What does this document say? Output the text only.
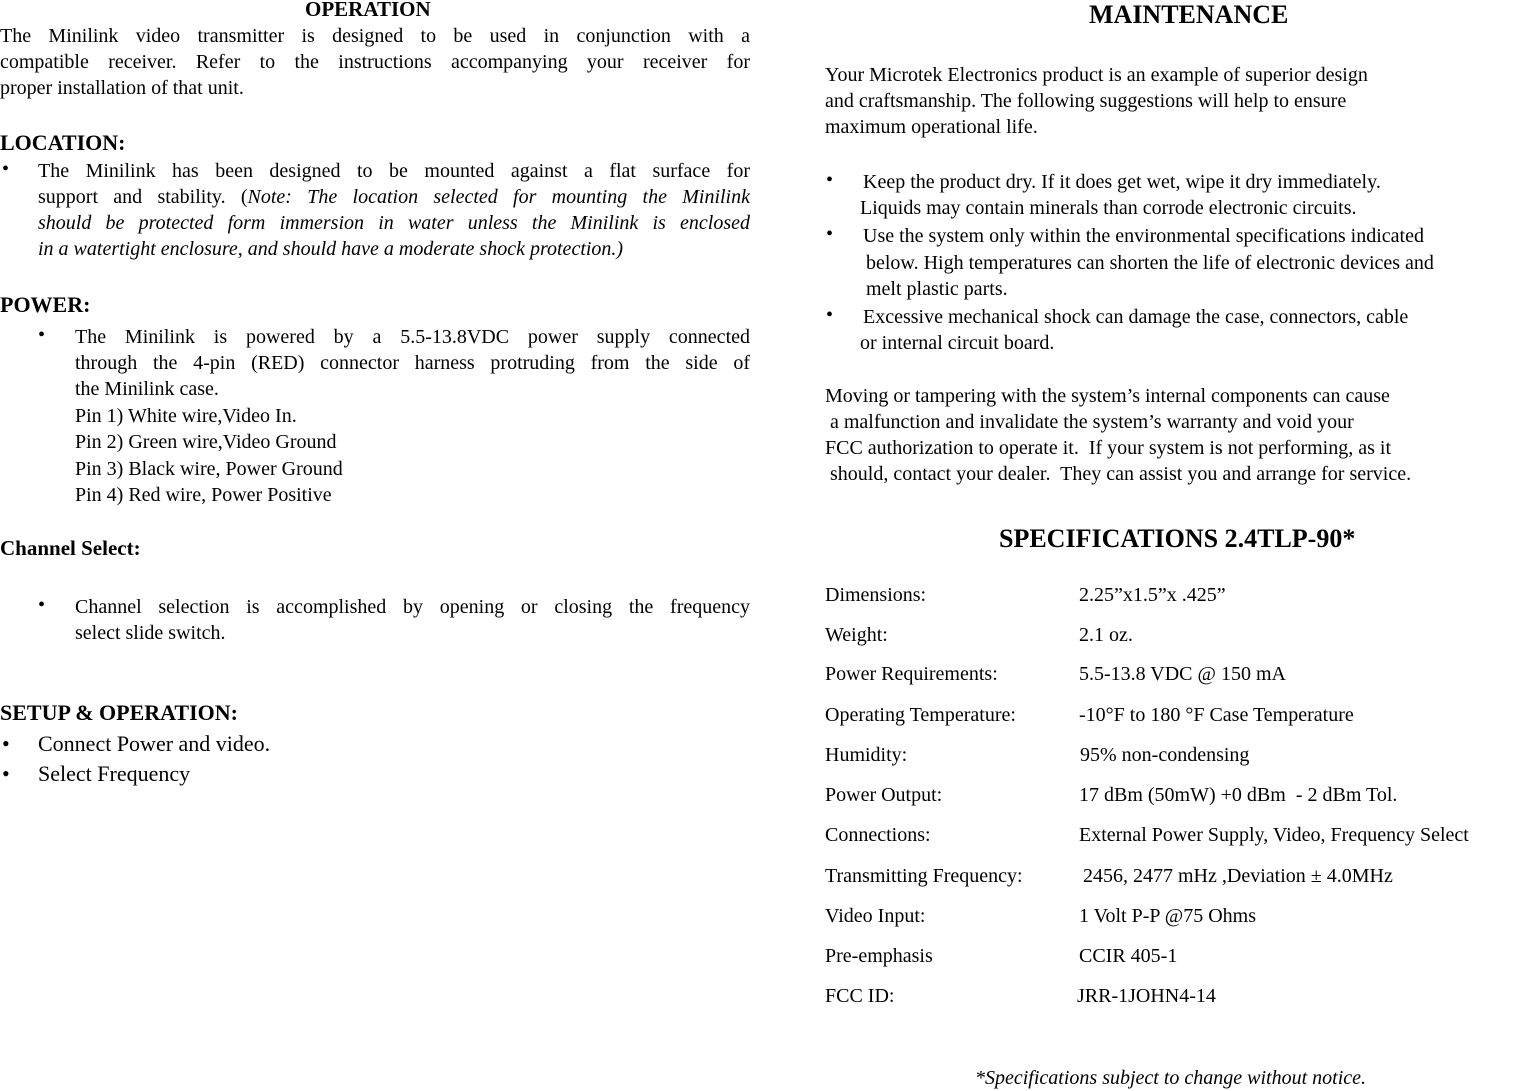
OPERATION
The Minilink video transmitter is designed to be used in conjunction with a
compatible receiver. Refer to the instructions accompanying your receiver for
proper installation of that unit.
LOCATION:
• The Minilink has been designed to be mounted against a flat surface for
support and stability. (Note: The location selected for mounting the Minilink
should be protected form immersion in water unless the Minilink is enclosed
in a watertight enclosure, and should have a moderate shock protection.)
POWER:
• The Minilink is powered by a 5.5-13.8VDC power supply connected
through the 4-pin (RED) connector harness protruding from the side of
the Minilink case.
Pin 1) White wire,Video In.
Pin 2) Green wire,Video Ground
Pin 3) Black wire, Power Ground
Pin 4) Red wire, Power Positive
Channel Select:
• Channel selection is accomplished by opening or closing the frequency
select slide switch.
SETUP & OPERATION:
• Connect Power and video.
• Select Frequency
MAINTENANCE
Your Microtek Electronics product is an example of superior design
and craftsmanship. The following suggestions will help to ensure
maximum operational life.
• Keep the product dry. If it does get wet, wipe it dry immediately.
Liquids may contain minerals than corrode electronic circuits.
• Use the system only within the environmental specifications indicated
below. High temperatures can shorten the life of electronic devices and
melt plastic parts.
• Excessive mechanical shock can damage the case, connectors, cable
or internal circuit board.
Moving or tampering with the system’s internal components can cause
a malfunction and invalidate the system’s warranty and void your
FCC authorization to operate it.  If your system is not performing, as it
should, contact your dealer.  They can assist you and arrange for service.
SPECIFICATIONS 2.4TLP-90*
Dimensions:	2.25”x1.5”x .425”
Weight:	2.1 oz.
Power Requirements:	5.5-13.8 VDC @ 150 mA
Operating Temperature:	-10°F to 180 °F Case Temperature
Humidity:	95% non-condensing
Power Output:	17 dBm (50mW) +0 dBm  - 2 dBm Tol.
Connections:	External Power Supply, Video, Frequency Select
Transmitting Frequency:	2456, 2477 mHz ,Deviation ± 4.0MHz
Video Input:	1 Volt P-P @75 Ohms
Pre-emphasis	CCIR 405-1
FCC ID:	JRR-1JOHN4-14
*Specifications subject to change without notice.
